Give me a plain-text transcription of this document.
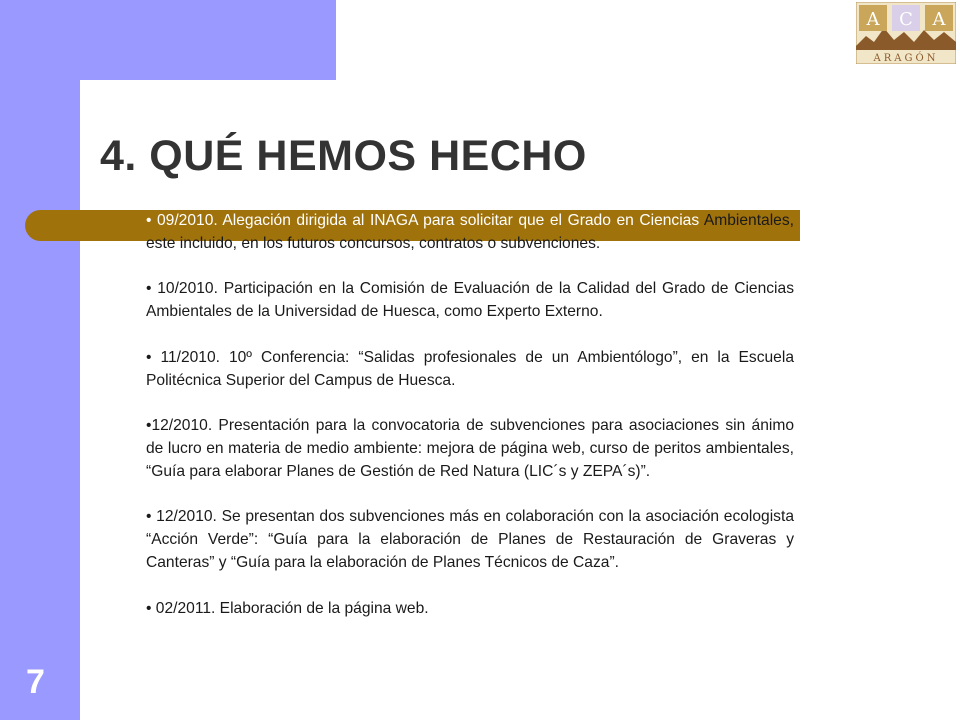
A C A
ARAGÓN
4. QUÉ HEMOS HECHO

• 09/2010. Alegación dirigida al INAGA para solicitar que el Grado en Ciencias Ambientales, este incluido, en los futuros concursos, contratos o subvenciones.

• 10/2010. Participación en la Comisión de Evaluación de la Calidad del Grado de Ciencias Ambientales de la Universidad de Huesca, como Experto Externo.

• 11/2010. 10º Conferencia: “Salidas profesionales de un Ambientólogo”, en la Escuela Politécnica Superior del Campus de Huesca.

•12/2010. Presentación para la convocatoria de subvenciones para asociaciones sin ánimo de lucro en materia de medio ambiente: mejora de página web, curso de peritos ambientales, “Guía para elaborar Planes de Gestión de Red Natura (LIC´s y ZEPA´s)”.

• 12/2010. Se presentan dos subvenciones más en colaboración con la asociación ecologista “Acción Verde”: “Guía para la elaboración de Planes de Restauración de Graveras y Canteras” y “Guía para la elaboración de Planes Técnicos de Caza”.

• 02/2011. Elaboración de la página web.

7
